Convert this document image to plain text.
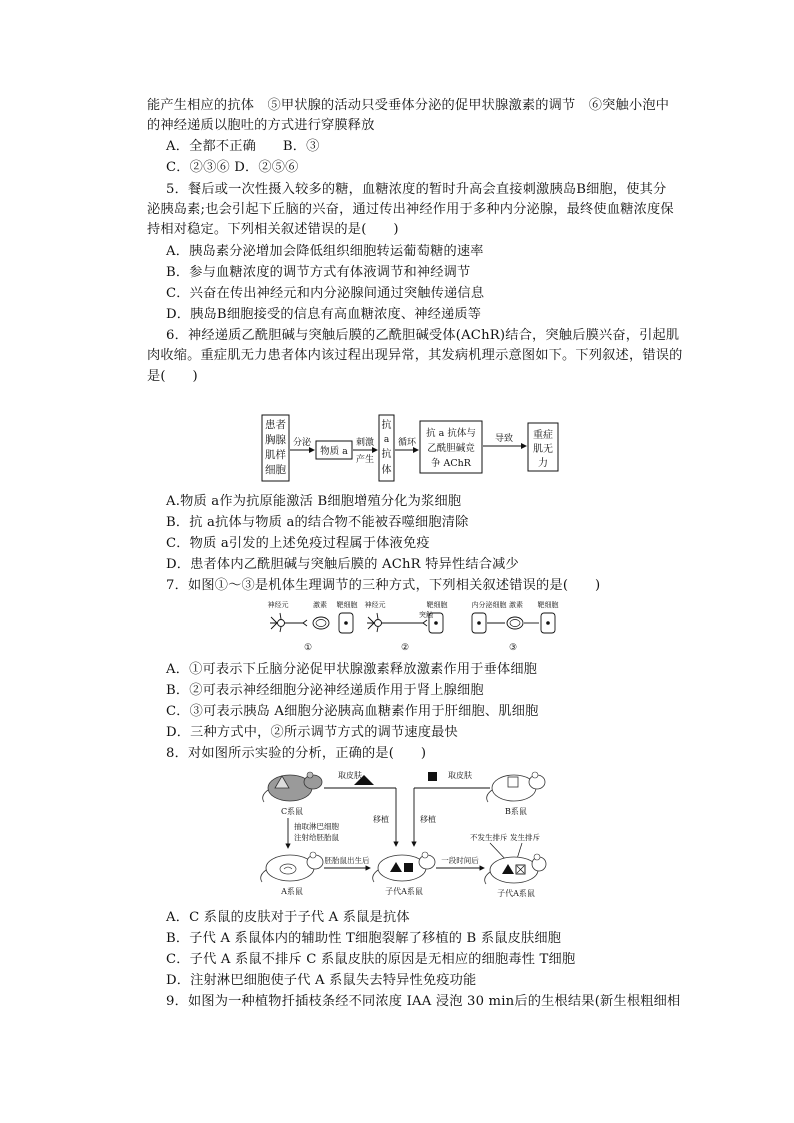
能产生相应的抗体　⑤甲状腺的活动只受垂体分泌的促甲状腺激素的调节　⑥突触小泡中
的神经递质以胞吐的方式进行穿膜释放
A．全都不正确　　B．③
C．②③⑥ D．②⑤⑥
5．餐后或一次性摄入较多的糖，血糖浓度的暂时升高会直接刺激胰岛B细胞，使其分
泌胰岛素;也会引起下丘脑的兴奋，通过传出神经作用于多种内分泌腺，最终使血糖浓度保
持相对稳定。下列相关叙述错误的是(　　)
A．胰岛素分泌增加会降低组织细胞转运葡萄糖的速率
B．参与血糖浓度的调节方式有体液调节和神经调节
C．兴奋在传出神经元和内分泌腺间通过突触传递信息
D．胰岛B细胞接受的信息有高血糖浓度、神经递质等
6．神经递质乙酰胆碱与突触后膜的乙酰胆碱受体(AChR)结合，突触后膜兴奋，引起肌
肉收缩。重症肌无力患者体内该过程出现异常，其发病机理示意图如下。下列叙述，错误的
是(　　)
患者
胸腺
肌样
细胞
分泌
物质 a
刺激
产生
抗
a
抗
体
循环
抗 a 抗体与
乙酰胆碱竞
争 AChR
导致 重症
肌无
力
A.物质 a作为抗原能激活 B细胞增殖分化为浆细胞
B．抗 a抗体与物质 a的结合物不能被吞噬细胞清除
C．物质 a引发的上述免疫过程属于体液免疫
D．患者体内乙酰胆碱与突触后膜的 AChR 特异性结合减少
7．如图①～③是机体生理调节的三种方式，下列相关叙述错误的是(　　)
神经元	激素 靶细胞
①
神经元	靶细胞
突触
②
内分泌细胞 激素 靶细胞
③
A．①可表示下丘脑分泌促甲状腺激素释放激素作用于垂体细胞
B．②可表示神经细胞分泌神经递质作用于肾上腺细胞
C．③可表示胰岛 A细胞分泌胰高血糖素作用于肝细胞、肌细胞
D．三种方式中，②所示调节方式的调节速度最快
8．对如图所示实验的分析，正确的是(　　)
C系鼠
取皮肤
移植
取皮肤
移植
B系鼠
抽取淋巴细胞
注射给胚胎鼠
A系鼠
胚胎鼠出生后
子代A系鼠
一段时间后
不发生排斥 发生排斥
子代A系鼠
A．C 系鼠的皮肤对于子代 A 系鼠是抗体
B．子代 A 系鼠体内的辅助性 T细胞裂解了移植的 B 系鼠皮肤细胞
C．子代 A 系鼠不排斥 C 系鼠皮肤的原因是无相应的细胞毒性 T细胞
D．注射淋巴细胞使子代 A 系鼠失去特异性免疫功能
9．如图为一种植物扦插枝条经不同浓度 IAA 浸泡 30 min后的生根结果(新生根粗细相
